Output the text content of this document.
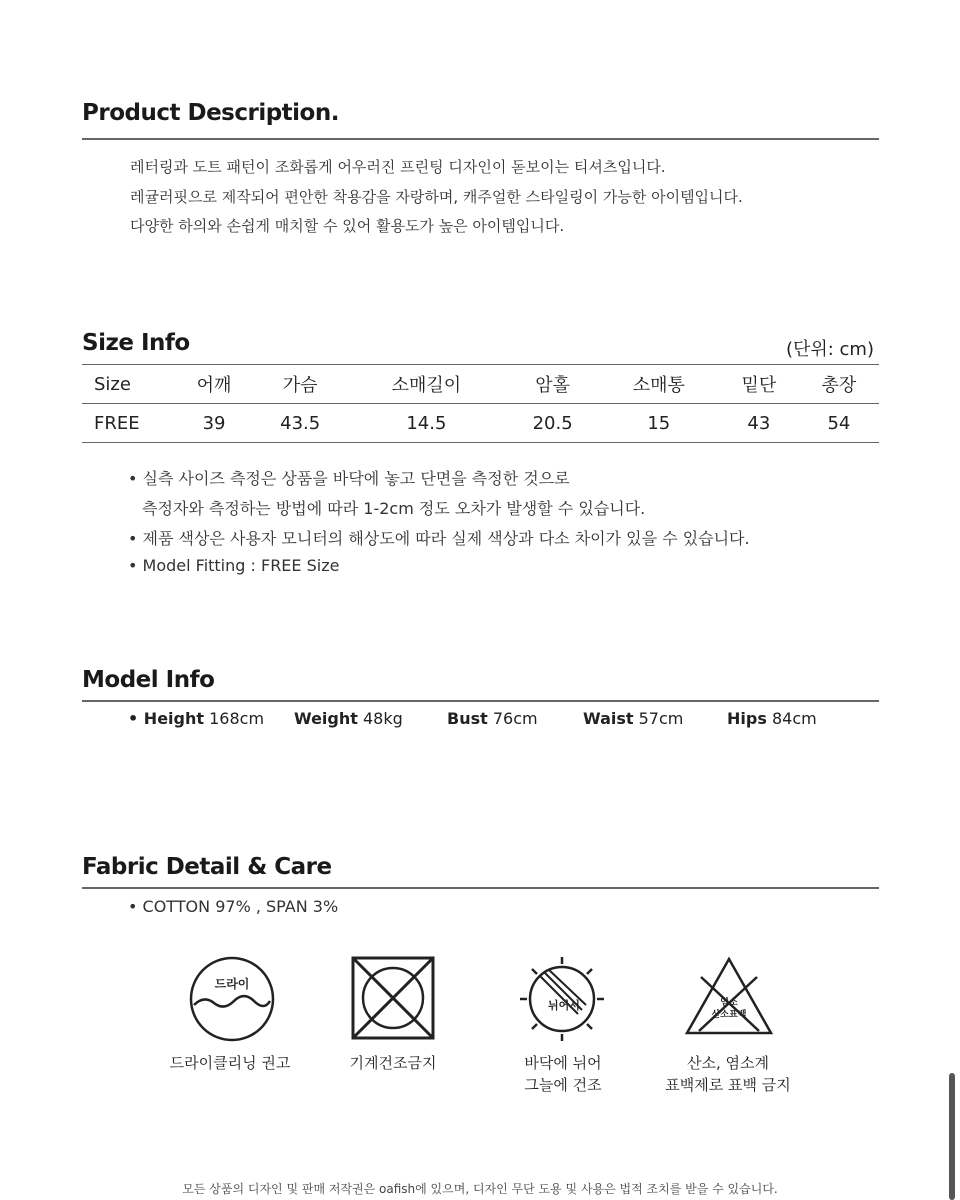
Product Description.
레터링과 도트 패턴이 조화롭게 어우러진 프린팅 디자인이 돋보이는 티셔츠입니다.
레귤러핏으로 제작되어 편안한 착용감을 자랑하며, 캐주얼한 스타일링이 가능한 아이템입니다.
다양한 하의와 손쉽게 매치할 수 있어 활용도가 높은 아이템입니다.
Size Info	(단위: cm)
Size	어깨	가슴	소매길이	암홀	소매통	밑단	총장
FREE	39	43.5	14.5	20.5	15	43	54
• 실측 사이즈 측정은 상품을 바닥에 놓고 단면을 측정한 것으로
측정자와 측정하는 방법에 따라 1-2cm 정도 오차가 발생할 수 있습니다.
• 제품 색상은 사용자 모니터의 해상도에 따라 실제 색상과 다소 차이가 있을 수 있습니다.
• Model Fitting : FREE Size
Model Info
• Height 168cm Weight 48kg	Bust 76cm	Waist 57cm	Hips 84cm
Fabric Detail & Care
• COTTON 97% , SPAN 3%
드라이
뉘어서	염소
산소표백
드라이클리닝 권고	기계건조금지	바닥에 뉘어
그늘에 건조
산소, 염소계
표백제로 표백 금지
모든 상품의 디자인 및 판매 저작권은 oafish에 있으며, 디자인 무단 도용 및 사용은 법적 조치를 받을 수 있습니다.
